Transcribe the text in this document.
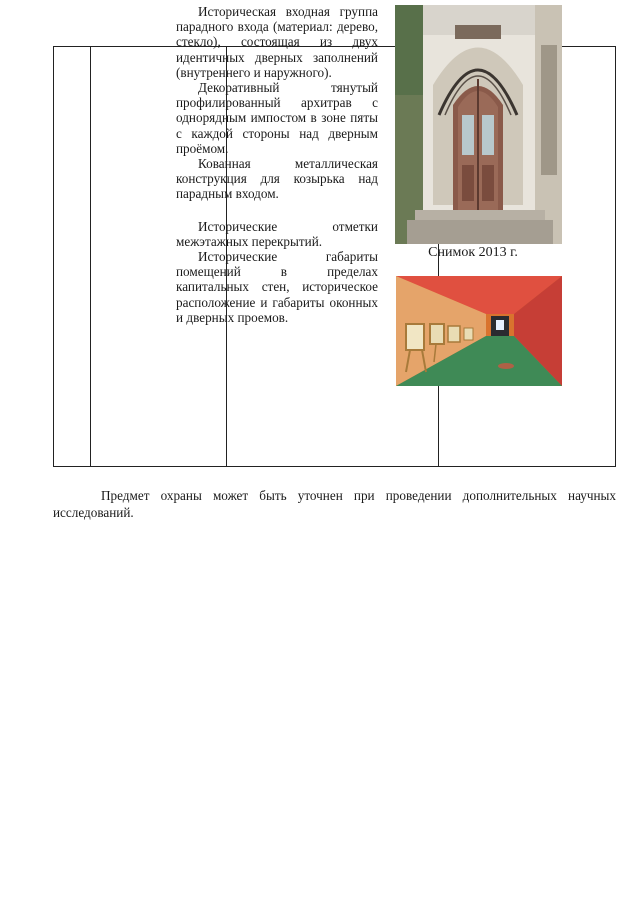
Историческая входная группа парадного входа (материал: дерево, стекло), состоящая из двух идентичных дверных заполнений (внутреннего и наружного).

Декоративный тянутый профилированный архитрав с однорядным импостом в зоне пяты с каждой стороны над дверным проёмом.

Кованная металлическая конструкция для козырька над парадным входом.

Исторические отметки межэтажных перекрытий.

Исторические габариты помещений в пределах капитальных стен, историческое расположение и габариты оконных и дверных проемов.

Снимок 2013 г.

Предмет охраны может быть уточнен при проведении дополнительных научных исследований.
